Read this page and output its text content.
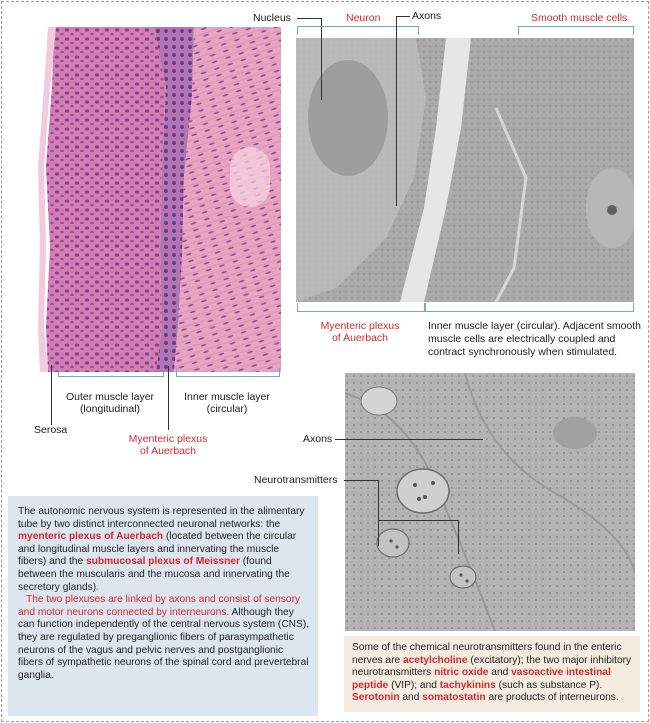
Serosa
Outer muscle layer
(longitudinal)
Inner muscle layer
(circular)
Myenteric plexus
of Auerbach
Nucleus	Neuron	Axons	Smooth muscle cells
Myenteric plexus
of Auerbach
Inner muscle layer (circular). Adjacent smooth
muscle cells are electrically coupled and
contract synchronously when stimulated.
Axons
Neurotransmitters

The autonomic nervous system is represented in the alimentary tube by two distinct interconnected neuronal networks: the myenteric plexus of Auerbach (located between the circular and longitudinal muscle layers and innervating the muscle fibers) and the submucosal plexus of Meissner (found between the muscularis and the mucosa and innervating the secretory glands).

The two plexuses are linked by axons and consist of sensory and motor neurons connected by interneurons. Although they can function independently of the central nervous system (CNS), they are regulated by preganglionic fibers of parasympathetic neurons of the vagus and pelvic nerves and postganglionic fibers of sympathetic neurons of the spinal cord and prevertebral ganglia.

Some of the chemical neurotransmitters found in the enteric nerves are acetylcholine (excitatory); the two major inhibitory neurotransmitters nitric oxide and vasoactive intestinal peptide (VIP); and tachykinins (such as substance P). Serotonin and somatostatin are products of interneurons.
